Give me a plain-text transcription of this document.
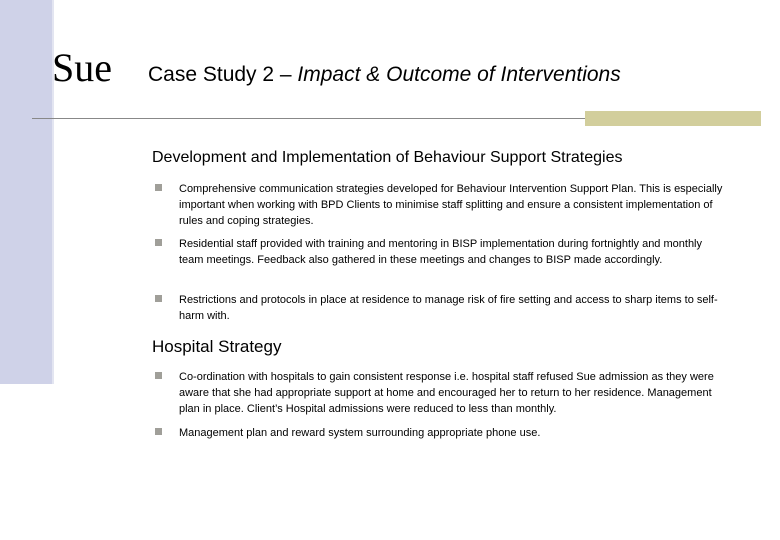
Sue Case Study 2 – Impact & Outcome of Interventions
Development and Implementation of Behaviour Support Strategies
Comprehensive communication strategies developed for Behaviour Intervention Support Plan. This is especially important when working with BPD Clients to minimise staff splitting and ensure a consistent implementation of rules and coping strategies.
Residential staff provided with training and mentoring in BISP implementation during fortnightly and monthly team meetings. Feedback also gathered in these meetings and changes to BISP made accordingly.
Restrictions and protocols in place at residence to manage risk of fire setting and access to sharp items to self-harm with.
Hospital Strategy
Co-ordination with hospitals to gain consistent response i.e. hospital staff refused Sue admission as they were aware that she had appropriate support at home and encouraged her to return to her residence. Management plan in place. Client’s Hospital admissions were reduced to less than monthly.
Management plan and reward system surrounding appropriate phone use.
